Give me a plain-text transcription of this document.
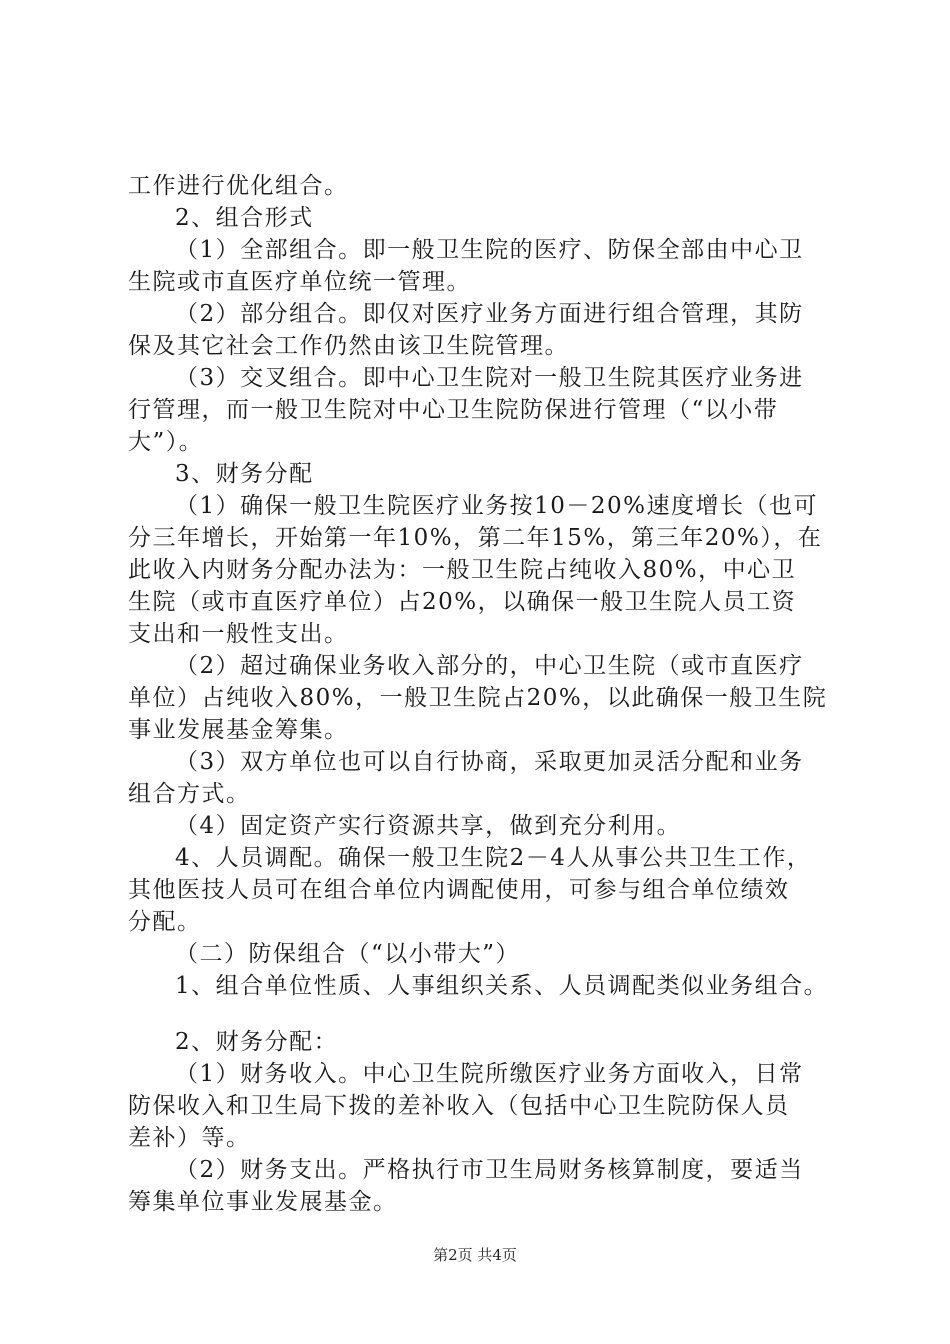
工作进行优化组合。
2、组合形式
（1）全部组合。即一般卫生院的医疗、防保全部由中心卫
生院或市直医疗单位统一管理。
（2）部分组合。即仅对医疗业务方面进行组合管理，其防
保及其它社会工作仍然由该卫生院管理。
（3）交叉组合。即中心卫生院对一般卫生院其医疗业务进
行管理，而一般卫生院对中心卫生院防保进行管理（“以小带
大”）。
3、财务分配
（1）确保一般卫生院医疗业务按10－20%速度增长（也可
分三年增长，开始第一年10%，第二年15%，第三年20%），在
此收入内财务分配办法为：一般卫生院占纯收入80%，中心卫
生院（或市直医疗单位）占20%，以确保一般卫生院人员工资
支出和一般性支出。
（2）超过确保业务收入部分的，中心卫生院（或市直医疗
单位）占纯收入80%，一般卫生院占20%，以此确保一般卫生院
事业发展基金筹集。
（3）双方单位也可以自行协商，采取更加灵活分配和业务
组合方式。
（4）固定资产实行资源共享，做到充分利用。
4、人员调配。确保一般卫生院2－4人从事公共卫生工作，
其他医技人员可在组合单位内调配使用，可参与组合单位绩效
分配。
（二）防保组合（“以小带大”）
1、组合单位性质、人事组织关系、人员调配类似业务组合。
2、财务分配：
（1）财务收入。中心卫生院所缴医疗业务方面收入，日常
防保收入和卫生局下拨的差补收入（包括中心卫生院防保人员
差补）等。
（2）财务支出。严格执行市卫生局财务核算制度，要适当
筹集单位事业发展基金。
第2页 共4页
